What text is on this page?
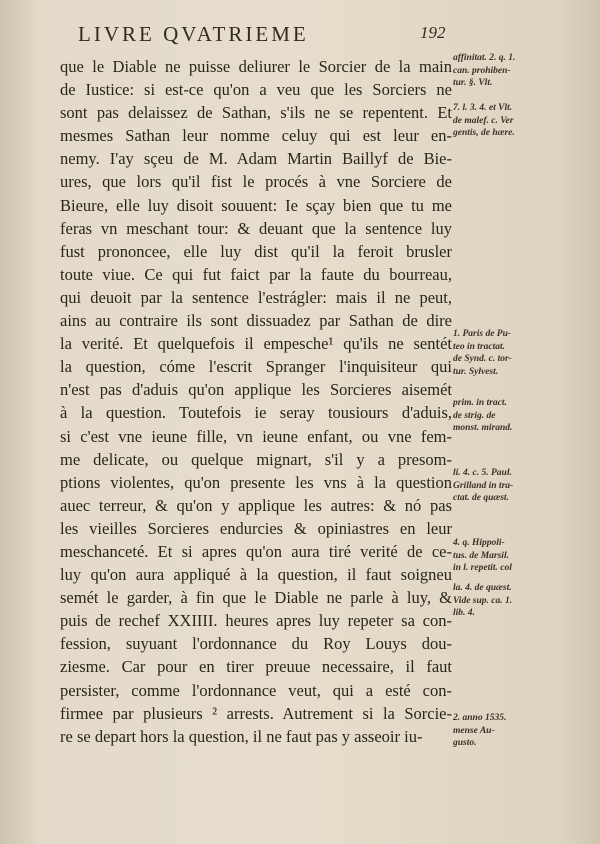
LIVRE QVATRIEME	192
que le Diable ne puisse deliurer le Sorcier de la main
de Iustice: si est-ce qu'on a veu que les Sorciers ne
sont pas delaissez de Sathan, s'ils ne se repentent. Et
mesmes Sathan leur nomme celuy qui est leur en-
nemy. I'ay sçeu de M. Adam Martin Baillyf de Bie-
ures, que lors qu'il fist le procés à vne Sorciere de
Bieure, elle luy disoit souuent: Ie sçay bien que tu me
feras vn meschant tour: & deuant que la sentence luy
fust prononcee, elle luy dist qu'il la feroit brusler
toute viue. Ce qui fut faict par la faute du bourreau,
qui deuoit par la sentence l'estrágler: mais il ne peut,
ains au contraire ils sont dissuadez par Sathan de dire
la verité. Et quelquefois il empesche¹ qu'ils ne sentét
la question, cóme l'escrit Spranger l'inquisiteur qui
n'est pas d'aduis qu'on applique les Sorcieres aisemét
à la question. Toutefois ie seray tousiours d'aduis,
si c'est vne ieune fille, vn ieune enfant, ou vne fem-
me delicate, ou quelque mignart, s'il y a presom-
ptions violentes, qu'on presente les vns à la question
auec terreur, & qu'on y applique les autres: & nó pas
les vieilles Sorcieres endurcies & opiniastres en leur
meschanceté. Et si apres qu'on aura tiré verité de ce-
luy qu'on aura appliqué à la question, il faut soigneu
semét le garder, à fin que le Diable ne parle à luy, &
puis de rechef XXIIII. heures apres luy repeter sa con-
fession, suyuant l'ordonnance du Roy Louys dou-
ziesme. Car pour en tirer preuue necessaire, il faut
persister, comme l'ordonnance veut, qui a esté con-
firmee par plusieurs ² arrests. Autrement si la Sorcie-
re se depart hors la question, il ne faut pas y asseoir iu-
affinitat. 2. q. 1.
can. prohiben-
tur. §. Vlt.
7. l. 3. 4. et Vlt.
de malef. c. Ver
gentis, de hære.
1. Paris de Pu-
teo in tractat.
de Synd. c. tor-
tur. Sylvest.
prim. in tract.
de strig. de
monst. mirand.
li. 4. c. 5. Paul.
Grilland in tra-
ctat. de quæst.
4. q. Hippoli-
tus. de Marsil.
in l. repetit. col
la. 4. de quæst.
Vide sup. ca. 1.
lib. 4.
2. anno 1535.
mense Au-
gusto.
